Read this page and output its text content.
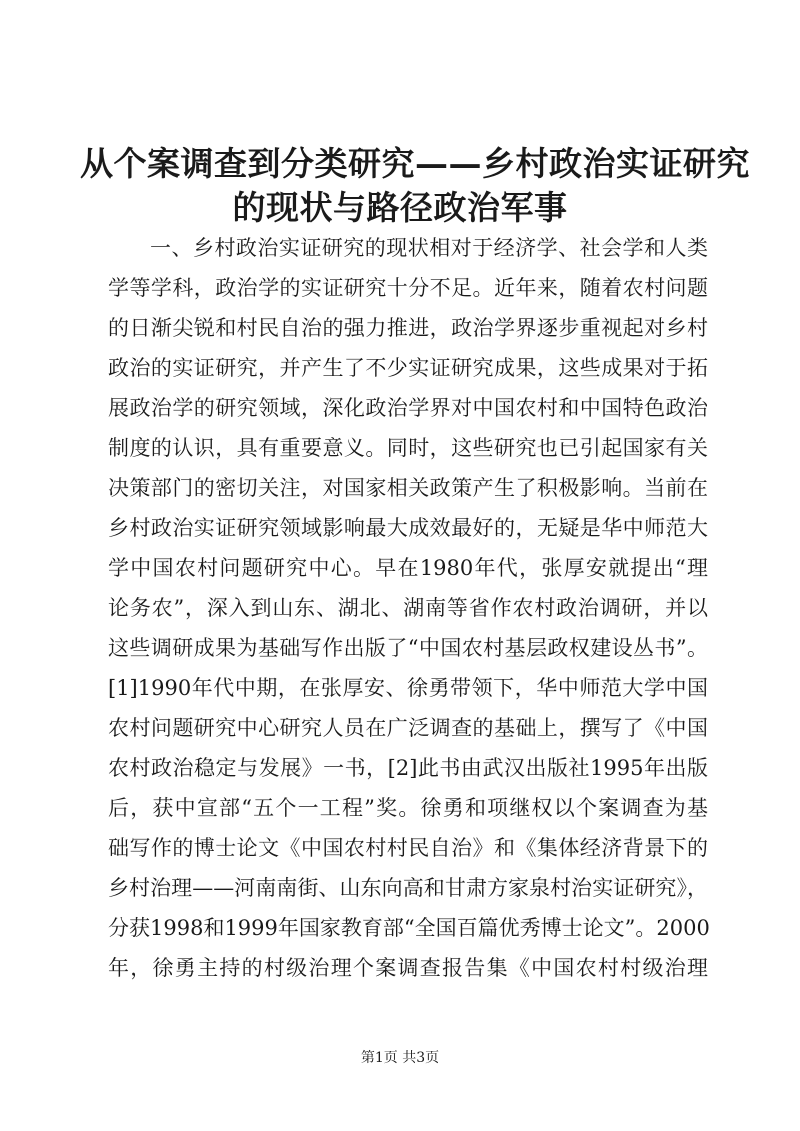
从个案调查到分类研究——乡村政治实证研究
的现状与路径政治军事
一、乡村政治实证研究的现状相对于经济学、社会学和人类
学等学科，政治学的实证研究十分不足。近年来，随着农村问题
的日渐尖锐和村民自治的强力推进，政治学界逐步重视起对乡村
政治的实证研究，并产生了不少实证研究成果，这些成果对于拓
展政治学的研究领域，深化政治学界对中国农村和中国特色政治
制度的认识，具有重要意义。同时，这些研究也已引起国家有关
决策部门的密切关注，对国家相关政策产生了积极影响。当前在
乡村政治实证研究领域影响最大成效最好的，无疑是华中师范大
学中国农村问题研究中心。早在1980年代，张厚安就提出“理
论务农”，深入到山东、湖北、湖南等省作农村政治调研，并以
这些调研成果为基础写作出版了“中国农村基层政权建设丛书”。
[1]1990年代中期，在张厚安、徐勇带领下，华中师范大学中国
农村问题研究中心研究人员在广泛调查的基础上，撰写了《中国
农村政治稳定与发展》一书，[2]此书由武汉出版社1995年出版
后，获中宣部“五个一工程”奖。徐勇和项继权以个案调查为基
础写作的博士论文《中国农村村民自治》和《集体经济背景下的
乡村治理——河南南街、山东向高和甘肃方家泉村治实证研究》，
分获1998和1999年国家教育部“全国百篇优秀博士论文”。2000
年，徐勇主持的村级治理个案调查报告集《中国农村村级治理
第1页 共3页
